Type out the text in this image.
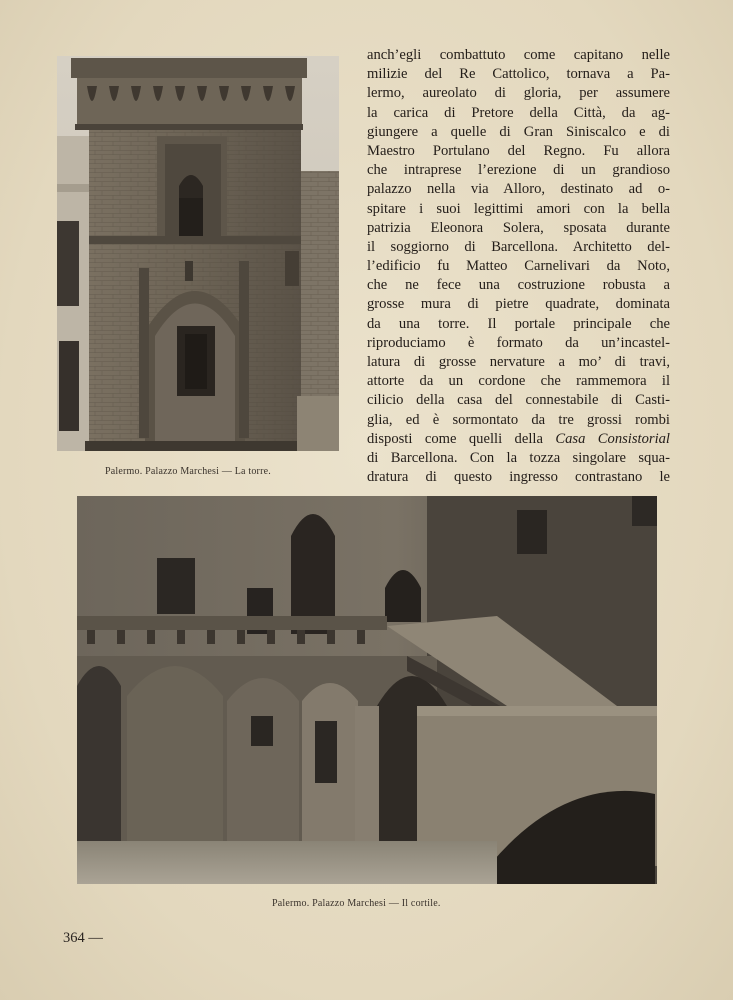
Palermo. Palazzo Marchesi — La torre.
anch’egli combattuto come capitano nelle
milizie del Re Cattolico, tornava a Pa-
lermo, aureolato di gloria, per assumere
la carica di Pretore della Città, da ag-
giungere a quelle di Gran Siniscalco e di
Maestro Portulano del Regno. Fu allora
che intraprese l’erezione di un grandioso
palazzo nella via Alloro, destinato ad o-
spitare i suoi legittimi amori con la bella
patrizia Eleonora Solera, sposata durante
il soggiorno di Barcellona. Architetto del-
l’edificio fu Matteo Carnelivari da Noto,
che ne fece una costruzione robusta a
grosse mura di pietre quadrate, dominata
da una torre. Il portale principale che
riproduciamo è formato da un’incastel-
latura di grosse nervature a mo’ di travi,
attorte da un cordone che rammemora il
cilicio della casa del connestabile di Casti-
glia, ed è sormontato da tre grossi rombi
disposti come quelli della Casa Consistorial
di Barcellona. Con la tozza singolare squa-
dratura di questo ingresso contrastano le
Palermo. Palazzo Marchesi — Il cortile.
364 —
